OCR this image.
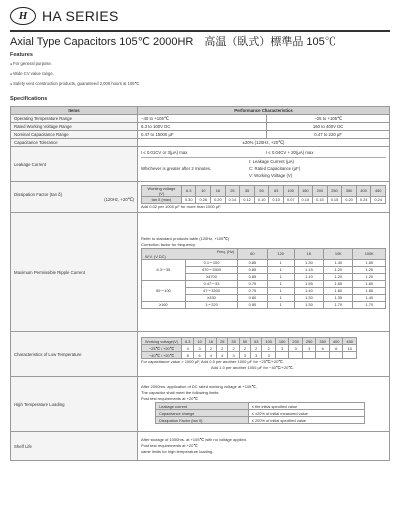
H	HA SERIES
Axial Type Capacitors 105℃ 2000HR　高温（臥式）標準品 105℃
Features
● For general purpose.
● Wide CV value range.
● Safety vent construction products, guaranteed 2,000 hours at 105℃.
Specifications
Items	Performance Characteristics
Operating Temperature Range	−40 to +105℃	−25 to +105℃
Rated Working Voltage Range	6.3 to 100V DC	160 to 400V DC
Nominal Capacitance Range	0.47 to 15000 μF	0.47 to 220 μF
Capacitance Tolerance	±20% (120Hz, +20℃)
Leakage Current	
I ≤ 0.01CV or 3(μA) max	I ≤ 0.04CV + 20(μA) max
Whichever is greater after 2 minutes.
I: Leakage Current (μA)
C: Rated Capacitance (μF)
V: Working Voltage (V)

Dissipation Factor (tan δ)
(120Hz, +20℃)

Working voltage (V)	6.3	10	16	25	35	50	63	100	160	200	250	350	400	450
tan δ (max)	0.30	0.26	0.20	0.14	0.12	0.10	0.10	0.07	0.15	0.15	0.15	0.20	0.24	0.24
Add 0.02 per 1000 μF for more than 1000 μF.

Maximum Permissible Ripple Current	
Refer to standard products table (120Hz, +105℃)
Correction factor for frequency.
Freq. (Hz)
W.V. (V DC)	60	120	1K	10K	100K
6.3～35	0.1～100	0.85	1	1.30	1.40	1.65
470～3300	0.85	1	1.15	1.20	1.25
≥4700	0.85	1	1.10	1.20	1.20
50～100	0.47～33	0.75	1	1.55	1.65	1.60
47～3300	0.75	1	1.40	1.60	1.65
≥330	0.80	1	1.30	1.35	1.40
≥160	1～220	0.80	1	1.30	1.70	1.70

Characteristics of Low Temperature	
Working voltage(V)	6.3	10	16	25	35	50	63	100	160	200	250	350	400	450
−25℃ / +20℃	4	3	2	2	2	2	2	2	3	3	3	6	6	15
−40℃ / +20℃	8	6	4	4	3	3	3	3						
For capacitance value > 1000 μF, Add 0.5 per another 1000 μF for −25℃/+20℃.
Add 1.0 per another 1000 μF for −40℃/+20℃.

High Temperature Loading	
After 2000hrs. application of DC rated working voltage at +105℃,
The capacitor shall meet the following limits:
Post test requirements at +20℃
Leakage current	≤ the initial specified value
Capacitance change	≤ ±20% of initial measured value
Dissipation Factor (tan δ)	≤ 200% of initial specified value

Shelf Life	
After storage of 1000hrs. at +105℃ with no voltage applied.
Post test requirements at +20℃
same limits for high temperature loading.
